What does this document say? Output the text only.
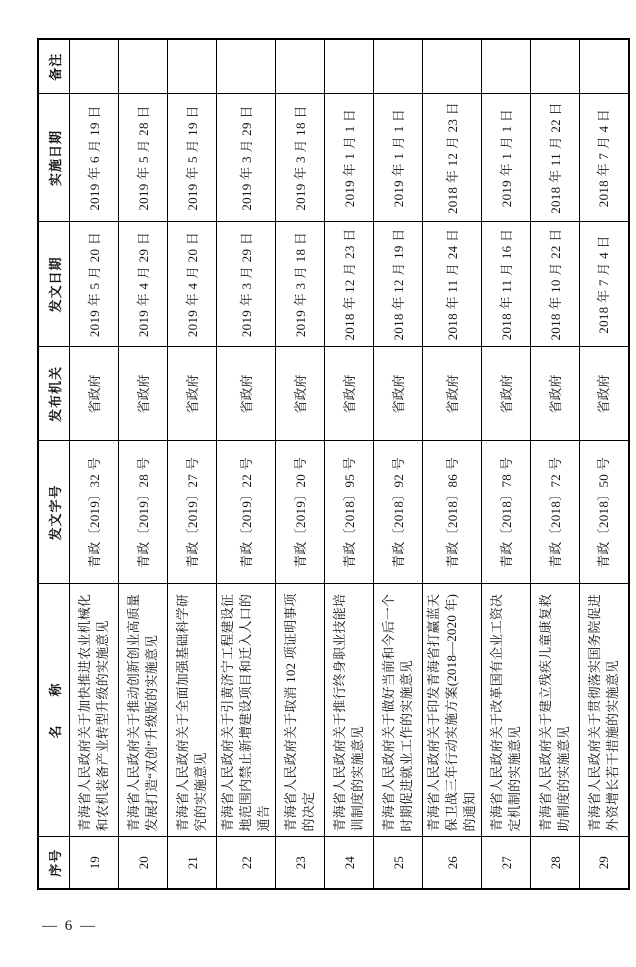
序号	名　　称	发文字号	发布机关	发文日期	实施日期	备注
19	青海省人民政府关于加快推进农业机械化和农机装备产业转型升级的实施意见	青政〔2019〕32 号	省政府	2019 年 5 月 20 日	2019 年 6 月 19 日	
20	青海省人民政府关于推动创新创业高质量发展打造“双创”升级版的实施意见	青政〔2019〕28 号	省政府	2019 年 4 月 29 日	2019 年 5 月 28 日	
21	青海省人民政府关于全面加强基础科学研究的实施意见	青政〔2019〕27 号	省政府	2019 年 4 月 20 日	2019 年 5 月 19 日	
22	青海省人民政府关于引黄济宁工程建设征地范围内禁止新增建设项目和迁入人口的通告	青政〔2019〕22 号	省政府	2019 年 3 月 29 日	2019 年 3 月 29 日	
23	青海省人民政府关于取消 102 项证明事项的决定	青政〔2019〕20 号	省政府	2019 年 3 月 18 日	2019 年 3 月 18 日	
24	青海省人民政府关于推行终身职业技能培训制度的实施意见	青政〔2018〕95 号	省政府	2018 年 12 月 23 日	2019 年 1 月 1 日	
25	青海省人民政府关于做好当前和今后一个时期促进就业工作的实施意见	青政〔2018〕92 号	省政府	2018 年 12 月 19 日	2019 年 1 月 1 日	
26	青海省人民政府关于印发青海省打赢蓝天保卫战三年行动实施方案(2018—2020 年)的通知	青政〔2018〕86 号	省政府	2018 年 11 月 24 日	2018 年 12 月 23 日	
27	青海省人民政府关于改革国有企业工资决定机制的实施意见	青政〔2018〕78 号	省政府	2018 年 11 月 16 日	2019 年 1 月 1 日	
28	青海省人民政府关于建立残疾儿童康复救助制度的实施意见	青政〔2018〕72 号	省政府	2018 年 10 月 22 日	2018 年 11 月 22 日	
29	青海省人民政府关于贯彻落实国务院促进外资增长若干措施的实施意见	青政〔2018〕50 号	省政府	2018 年 7 月 4 日	2018 年 7 月 4 日	
— 6 —
